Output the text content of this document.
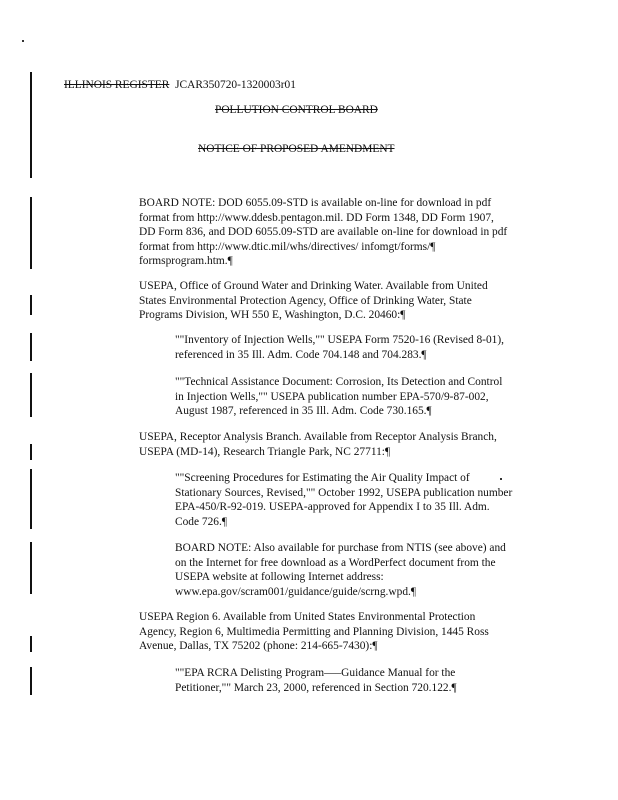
ILLINOIS REGISTER JCAR350720-1320003r01
POLLUTION CONTROL BOARD
NOTICE OF PROPOSED AMENDMENT
BOARD NOTE: DOD 6055.09-STD is available on-line for download in pdf
format from http://www.ddesb.pentagon.mil. DD Form 1348, DD Form 1907,
DD Form 836, and DOD 6055.09-STD are available on-line for download in pdf
format from http://www.dtic.mil/whs/directives/ infomgt/forms/¶
formsprogram.htm.¶
USEPA, Office of Ground Water and Drinking Water. Available from United
States Environmental Protection Agency, Office of Drinking Water, State
Programs Division, WH 550 E, Washington, D.C. 20460:¶
""Inventory of Injection Wells,"" USEPA Form 7520-16 (Revised 8-01),
referenced in 35 Ill. Adm. Code 704.148 and 704.283.¶
""Technical Assistance Document: Corrosion, Its Detection and Control
in Injection Wells,"" USEPA publication number EPA-570/9-87-002,
August 1987, referenced in 35 Ill. Adm. Code 730.165.¶
USEPA, Receptor Analysis Branch. Available from Receptor Analysis Branch,
USEPA (MD-14), Research Triangle Park, NC 27711:¶
""Screening Procedures for Estimating the Air Quality Impact of
Stationary Sources, Revised,"" October 1992, USEPA publication number
EPA-450/R-92-019. USEPA-approved for Appendix I to 35 Ill. Adm.
Code 726.¶
BOARD NOTE: Also available for purchase from NTIS (see above) and
on the Internet for free download as a WordPerfect document from the
USEPA website at following Internet address:
www.epa.gov/scram001/guidance/guide/scrng.wpd.¶
USEPA Region 6. Available from United States Environmental Protection
Agency, Region 6, Multimedia Permitting and Planning Division, 1445 Ross
Avenue, Dallas, TX 75202 (phone: 214-665-7430):¶
""EPA RCRA Delisting Program—–Guidance Manual for the
Petitioner,"" March 23, 2000, referenced in Section 720.122.¶
